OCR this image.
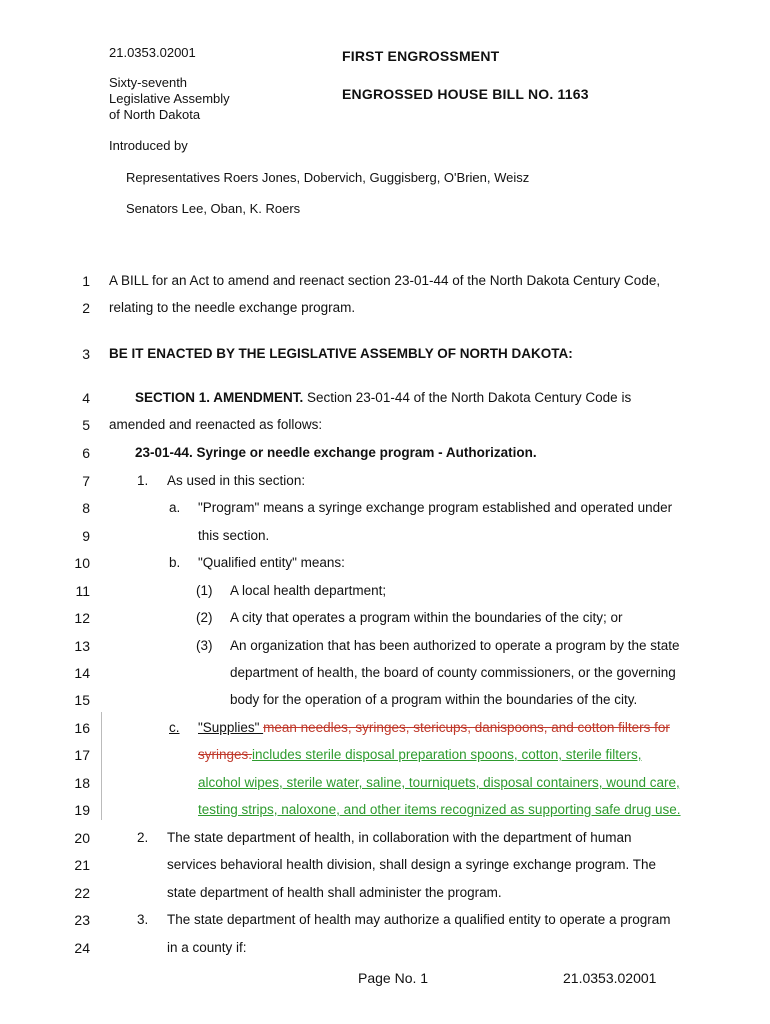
21.0353.02001
Sixty-seventh
Legislative Assembly
of North Dakota
FIRST ENGROSSMENT
ENGROSSED HOUSE BILL NO. 1163
Introduced by
Representatives Roers Jones, Dobervich, Guggisberg, O'Brien, Weisz
Senators Lee, Oban, K. Roers
1
2
3
4
5
6
7
8
9
10
11
12
13
14
15
16
17
18
19
20
21
22
23
24
A BILL for an Act to amend and reenact section 23-01-44 of the North Dakota Century Code,
relating to the needle exchange program.
BE IT ENACTED BY THE LEGISLATIVE ASSEMBLY OF NORTH DAKOTA:
SECTION 1. AMENDMENT. Section 23-01-44 of the North Dakota Century Code is
amended and reenacted as follows:
23-01-44. Syringe or needle exchange program - Authorization.
1. As used in this section:
a. "Program" means a syringe exchange program established and operated under
this section.
b. "Qualified entity" means:
(1) A local health department;
(2) A city that operates a program within the boundaries of the city; or
(3) An organization that has been authorized to operate a program by the state
department of health, the board of county commissioners, or the governing
body for the operation of a program within the boundaries of the city.
c. "Supplies" mean needles, syringes, stericups, danispoons, and cotton filters for
syringes.includes sterile disposal preparation spoons, cotton, sterile filters,
alcohol wipes, sterile water, saline, tourniquets, disposal containers, wound care,
testing strips, naloxone, and other items recognized as supporting safe drug use.
2. The state department of health, in collaboration with the department of human
services behavioral health division, shall design a syringe exchange program. The
state department of health shall administer the program.
3. The state department of health may authorize a qualified entity to operate a program
in a county if:
Page No. 1	21.0353.02001
